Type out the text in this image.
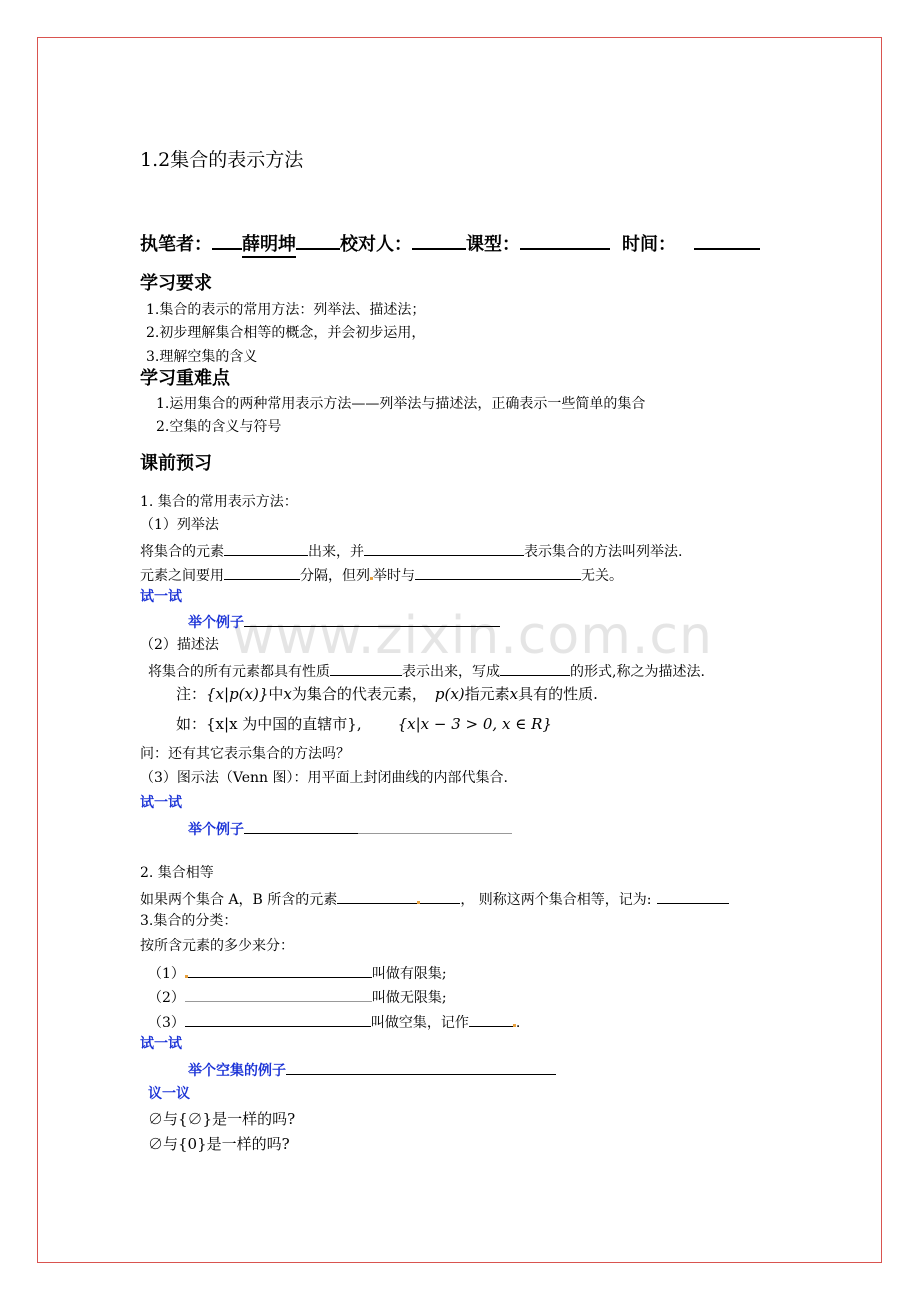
www.zixin.com.cn
1.2集合的表示方法
执笔者： 薛明坤 校对人：	课型：	时间：
学习要求
1.集合的表示的常用方法：列举法、描述法；
2.初步理解集合相等的概念，并会初步运用，
3.理解空集的含义
学习重难点
1.运用集合的两种常用表示方法——列举法与描述法，正确表示一些简单的集合
2.空集的含义与符号
课前预习
1. 集合的常用表示方法：
（1）列举法
将集合的元素	出来，并	表示集合的方法叫列举法.
元素之间要用	分隔，但列 举时与	无关。
试一试
举个例子
（2）描述法
将集合的所有元素都具有性质	表示出来，写成	的形式,称之为描述法.
注：{x|p(x)}中x为集合的代表元素， p(x)指元素x具有的性质.
如：{x|x 为中国的直辖市}, {x|x − 3 > 0, x ∈ R}
问：还有其它表示集合的方法吗？
（3）图示法（Venn 图）：用平面上封闭曲线的内部代集合.
试一试
举个例子
2. 集合相等
如果两个集合 A，B 所含的元素	， 则称这两个集合相等，记为:
3.集合的分类：
按所含元素的多少来分：
（1）	叫做有限集;
（2）	叫做无限集;
（3）	叫做空集，记作	.
试一试
举个空集的例子
议一议
∅与{∅}是一样的吗?
∅与{0}是一样的吗?
